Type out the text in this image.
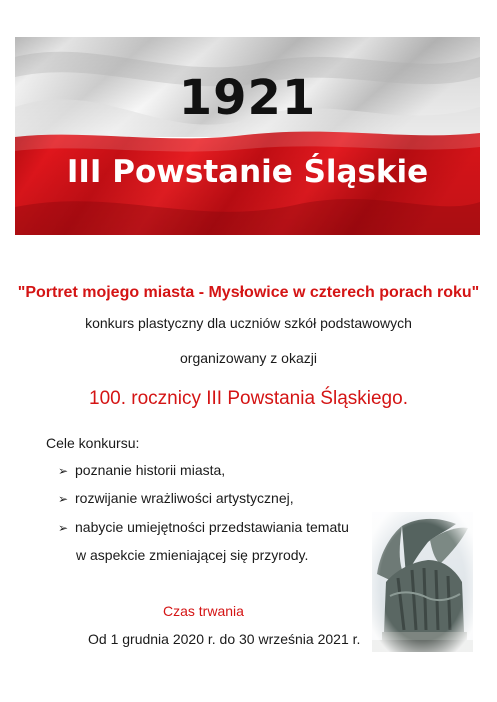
1921
III Powstanie Śląskie
"Portret mojego miasta - Mysłowice w czterech porach roku"
konkurs plastyczny dla uczniów szkół podstawowych
organizowany z okazji
100. rocznicy III Powstania Śląskiego.
Cele konkursu:
➢ poznanie historii miasta,
➢ rozwijanie wrażliwości artystycznej,
➢ nabycie umiejętności przedstawiania tematu
w aspekcie zmieniającej się przyrody.
Czas trwania
Od 1 grudnia 2020 r. do 30 września 2021 r.
